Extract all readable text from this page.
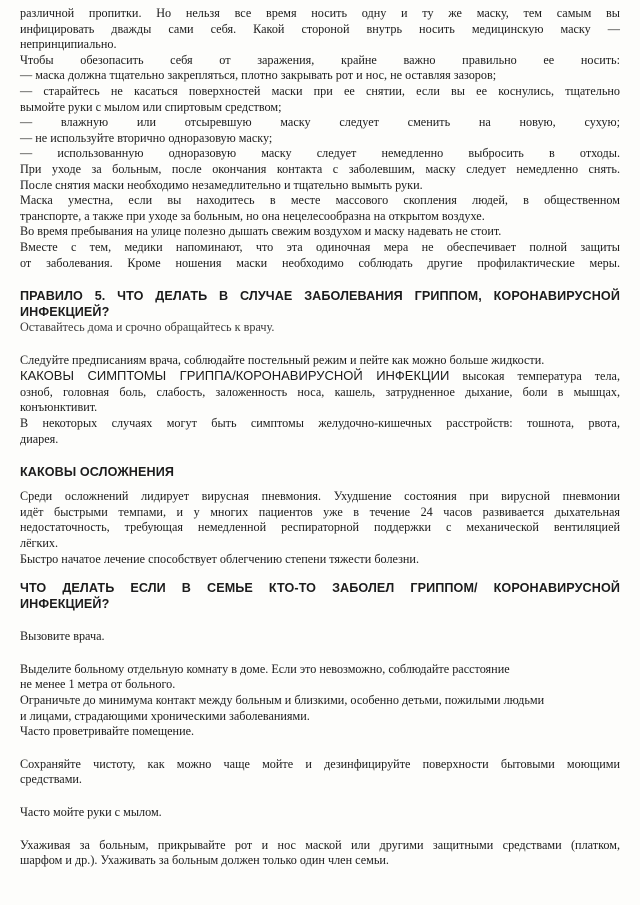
различной пропитки. Но нельзя все время носить одну и ту же маску, тем самым вы

инфицировать дважды сами себя. Какой стороной внутрь носить медицинскую маску —

непринципиально.

Чтобы обезопасить себя от заражения, крайне важно правильно ее носить:

— маска должна тщательно закрепляться, плотно закрывать рот и нос, не оставляя зазоров;

— старайтесь не касаться поверхностей маски при ее снятии, если вы ее коснулись, тщательно

вымойте руки с мылом или спиртовым средством;

— влажную или отсыревшую маску следует сменить на новую, сухую;

— не используйте вторично одноразовую маску;

— использованную одноразовую маску следует немедленно выбросить в отходы.

При уходе за больным, после окончания контакта с заболевшим, маску следует немедленно снять.

После снятия маски необходимо незамедлительно и тщательно вымыть руки.

Маска уместна, если вы находитесь в месте массового скопления людей, в общественном

транспорте, а также при уходе за больным, но она нецелесообразна на открытом воздухе.

Во время пребывания на улице полезно дышать свежим воздухом и маску надевать не стоит.

Вместе с тем, медики напоминают, что эта одиночная мера не обеспечивает полной защиты

от заболевания. Кроме ношения маски необходимо соблюдать другие профилактические меры.

ПРАВИЛО 5. ЧТО ДЕЛАТЬ В СЛУЧАЕ ЗАБОЛЕВАНИЯ ГРИППОМ, КОРОНАВИРУСНОЙ

ИНФЕКЦИЕЙ?

Оставайтесь дома и срочно обращайтесь к врачу.

Следуйте предписаниям врача, соблюдайте постельный режим и пейте как можно больше жидкости.

КАКОВЫ СИМПТОМЫ ГРИППА/КОРОНАВИРУСНОЙ ИНФЕКЦИИ высокая температура тела,

озноб, головная боль, слабость, заложенность носа, кашель, затрудненное дыхание, боли в мышцах,

конъюнктивит.

В некоторых случаях могут быть симптомы желудочно-кишечных расстройств: тошнота, рвота,

диарея.

КАКОВЫ ОСЛОЖНЕНИЯ

Среди осложнений лидирует вирусная пневмония. Ухудшение состояния при вирусной пневмонии

идёт быстрыми темпами, и у многих пациентов уже в течение 24 часов развивается дыхательная

недостаточность, требующая немедленной респираторной поддержки с механической вентиляцией

лёгких.

Быстро начатое лечение способствует облегчению степени тяжести болезни.

ЧТО ДЕЛАТЬ ЕСЛИ В СЕМЬЕ КТО-ТО ЗАБОЛЕЛ ГРИППОМ/ КОРОНАВИРУСНОЙ

ИНФЕКЦИЕЙ?

Вызовите врача.

Выделите больному отдельную комнату в доме. Если это невозможно, соблюдайте расстояние

не менее 1 метра от больного.

Ограничьте до минимума контакт между больным и близкими, особенно детьми, пожилыми людьми

и лицами, страдающими хроническими заболеваниями.

Часто проветривайте помещение.

Сохраняйте чистоту, как можно чаще мойте и дезинфицируйте поверхности бытовыми моющими

средствами.

Часто мойте руки с мылом.

Ухаживая за больным, прикрывайте рот и нос маской или другими защитными средствами (платком,

шарфом и др.). Ухаживать за больным должен только один член семьи.
